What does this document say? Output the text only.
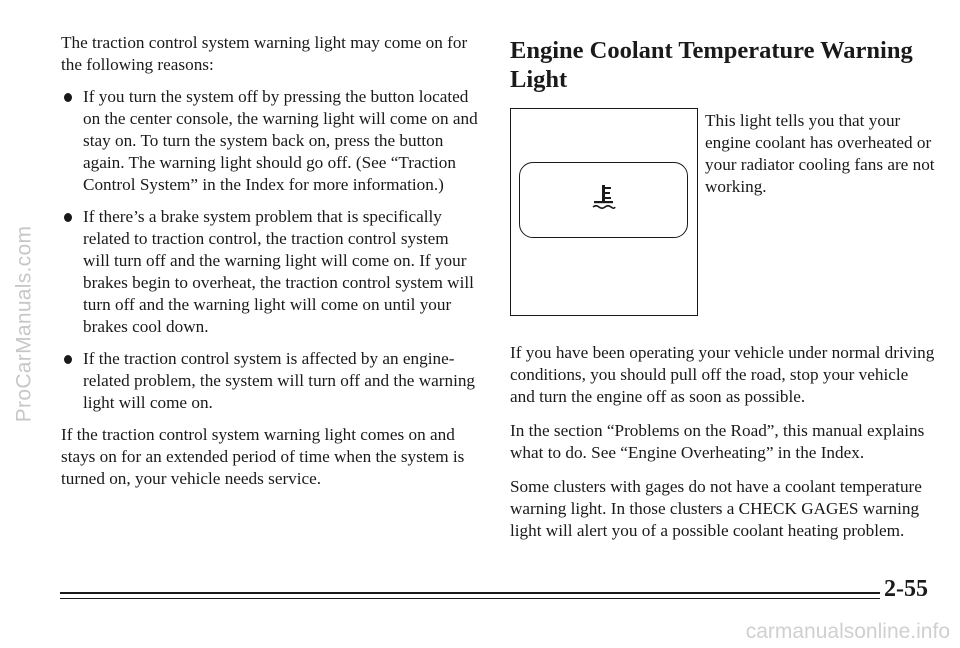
ProCarManuals.com

The traction control system warning light may come on for the following reasons:

If you turn the system off by pressing the button located on the center console, the warning light will come on and stay on. To turn the system back on, press the button again. The warning light should go off. (See “Traction Control System” in the Index for more information.)
If there’s a brake system problem that is specifically related to traction control, the traction control system will turn off and the warning light will come on. If your brakes begin to overheat, the traction control system will turn off and the warning light will come on until your brakes cool down.
If the traction control system is affected by an engine-related problem, the system will turn off and the warning light will come on.

If the traction control system warning light comes on and stays on for an extended period of time when the system is turned on, your vehicle needs service.

Engine Coolant Temperature Warning Light

This light tells you that your engine coolant has overheated or your radiator cooling fans are not working.

If you have been operating your vehicle under normal driving conditions, you should pull off the road, stop your vehicle and turn the engine off as soon as possible.

In the section “Problems on the Road”, this manual explains what to do. See “Engine Overheating” in the Index.

Some clusters with gages do not have a coolant temperature warning light. In those clusters a CHECK GAGES warning light will alert you of a possible coolant heating problem.

2-55
carmanualsonline.info
